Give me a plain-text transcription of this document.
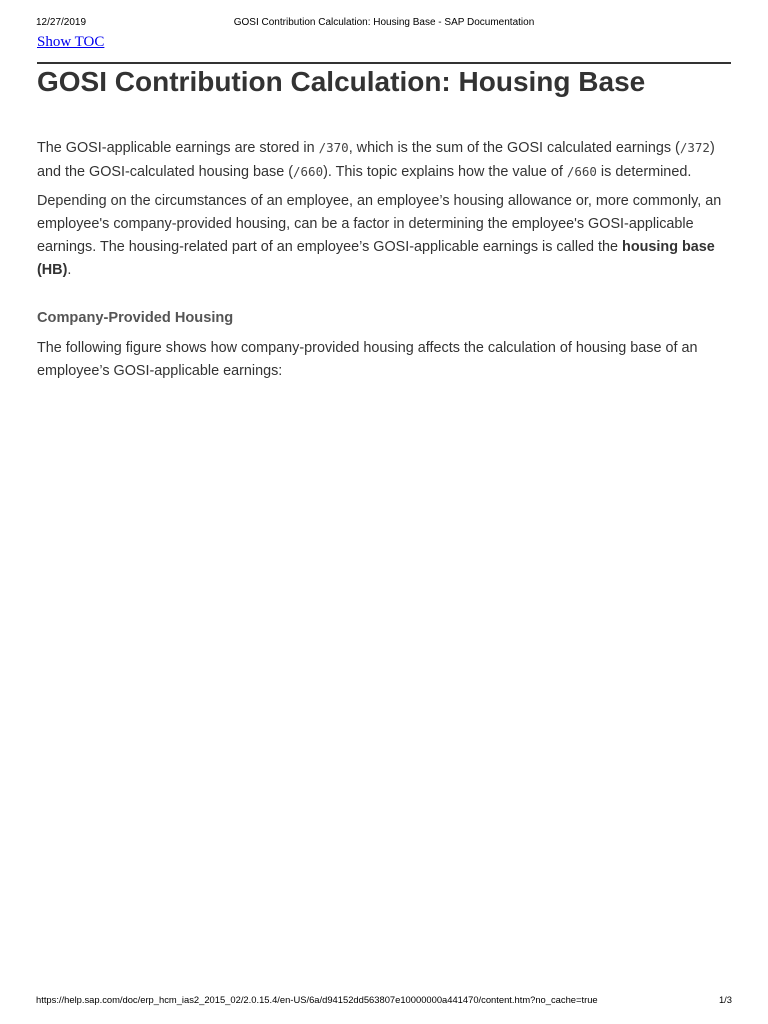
12/27/2019	GOSI Contribution Calculation: Housing Base - SAP Documentation
Show TOC
GOSI Contribution Calculation: Housing Base

The GOSI-applicable earnings are stored in /370, which is the sum of the GOSI calculated earnings (/372) and the GOSI-calculated housing base (/660). This topic explains how the value of /660 is determined.

Depending on the circumstances of an employee, an employee’s housing allowance or, more commonly, an employee's company-provided housing, can be a factor in determining the employee's GOSI-applicable earnings. The housing-related part of an employee’s GOSI-applicable earnings is called the housing base (HB).

Company-Provided Housing

The following figure shows how company-provided housing affects the calculation of housing base of an employee’s GOSI-applicable earnings:

https://help.sap.com/doc/erp_hcm_ias2_2015_02/2.0.15.4/en-US/6a/d94152dd563807e10000000a441470/content.htm?no_cache=true	1/3
